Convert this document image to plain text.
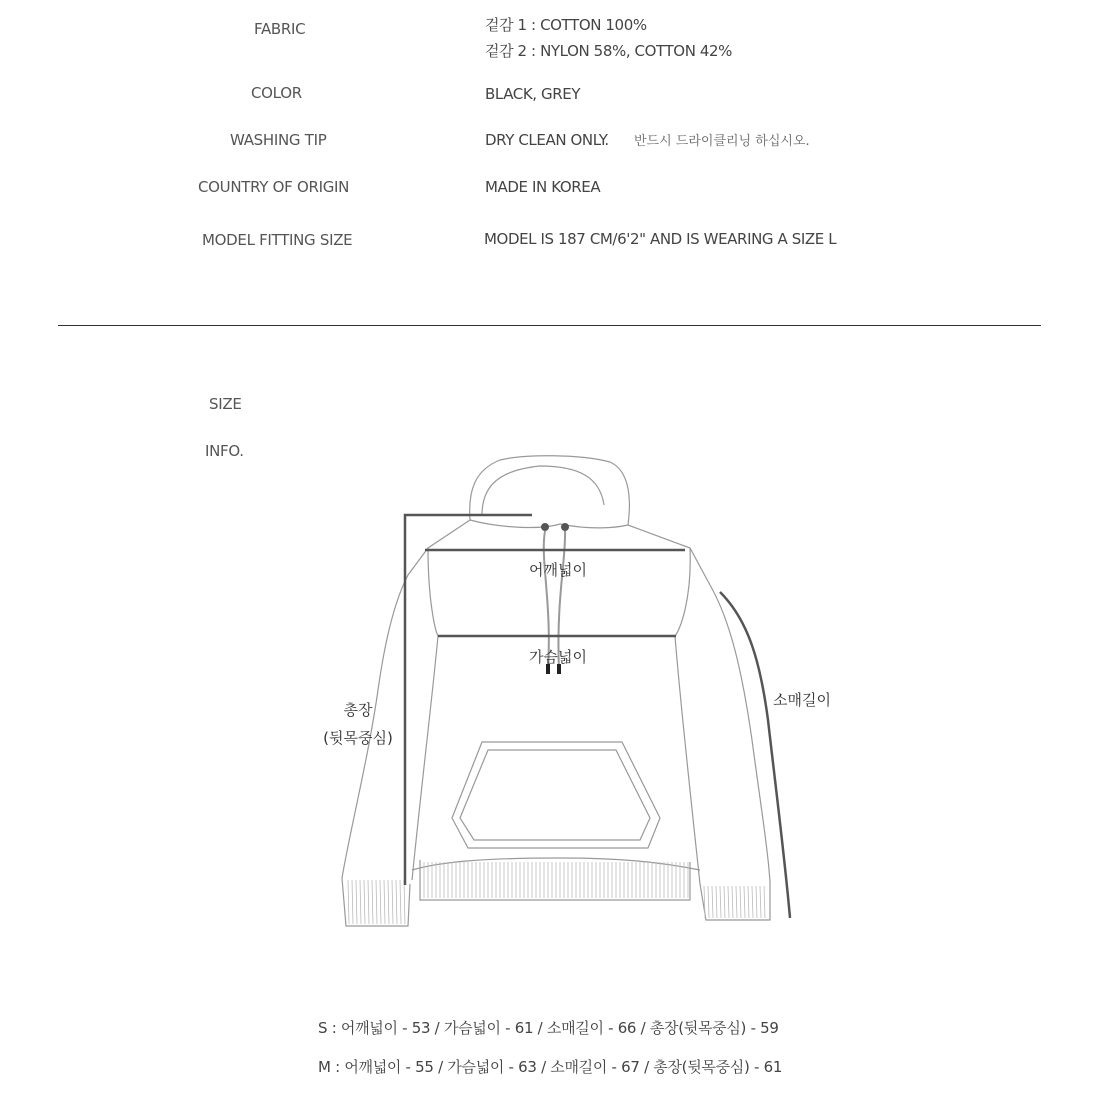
FABRIC	겉감 1 : COTTON 100%
겉감 2 : NYLON 58%, COTTON 42%
COLOR	BLACK, GREY
WASHING TIP	DRY CLEAN ONLY. 반드시 드라이클리닝 하십시오.
COUNTRY OF ORIGIN	MADE IN KOREA
MODEL FITTING SIZE	MODEL IS 187 CM/6'2" AND IS WEARING A SIZE L
SIZE
INFO.
어깨넓이
가슴넓이
소매길이
총장
(뒷목중심)
S : 어깨넓이 - 53 / 가슴넓이 - 61 / 소매길이 - 66 / 총장(뒷목중심) - 59
M : 어깨넓이 - 55 / 가슴넓이 - 63 / 소매길이 - 67 / 총장(뒷목중심) - 61
